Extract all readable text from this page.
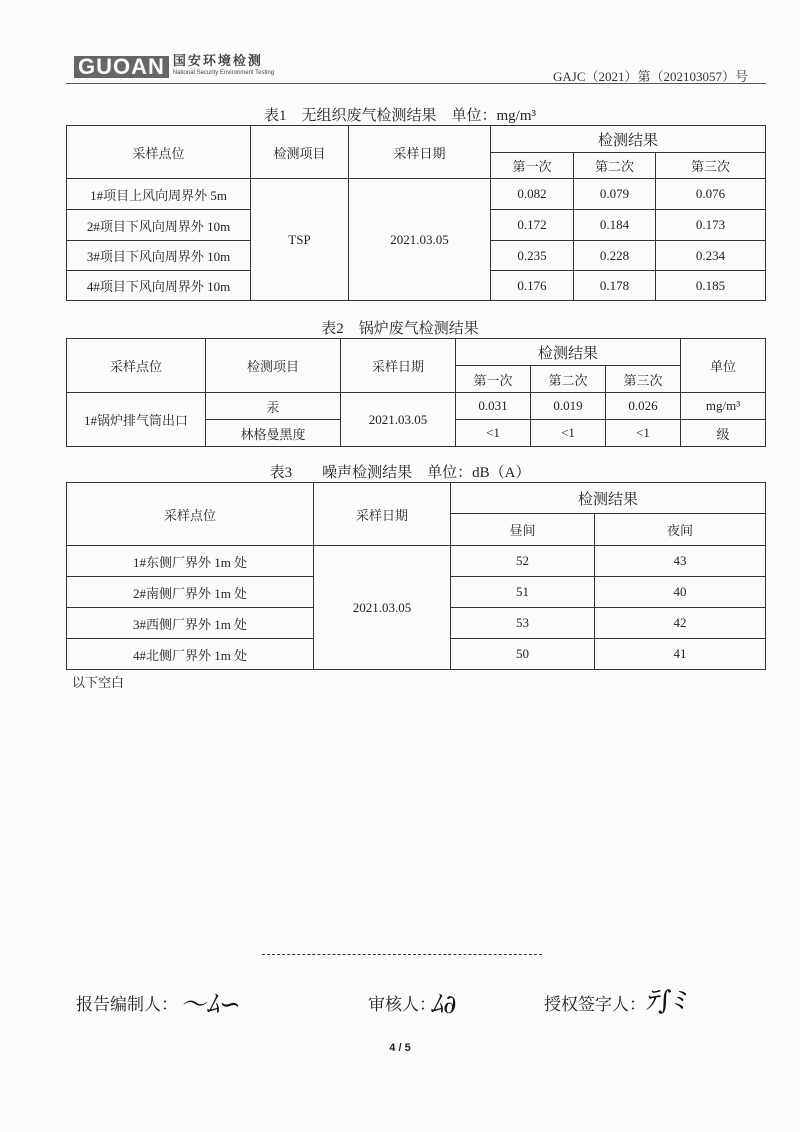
GUOAN 国安环境检测
National Security Environment Testing	GAJC（2021）第（202103057）号
表1　无组织废气检测结果　单位：mg/m³
采样点位	检测项目	采样日期	检测结果		
			第一次	第二次	第三次
1#项目上风向周界外 5m	TSP	2021.03.05	0.082	0.079	0.076
2#项目下风向周界外 10m			0.172	0.184	0.173
3#项目下风向周界外 10m			0.235	0.228	0.234
4#项目下风向周界外 10m			0.176	0.178	0.185
表2　锅炉废气检测结果
采样点位	检测项目	采样日期	检测结果			单位
			第一次	第二次	第三次	
1#锅炉排气筒出口	汞	2021.03.05	0.031	0.019	0.026	mg/m³
	林格曼黑度		<1	<1	<1	级
表3　　噪声检测结果　单位：dB（A）
采样点位	采样日期	检测结果	
		昼间	夜间
1#东侧厂界外 1m 处	2021.03.05	52	43
2#南侧厂界外 1m 处		51	40
3#西侧厂界外 1m 处		53	42
4#北侧厂界外 1m 处		50	41
以下空白
报告编制人： 〜ﾑ∽	审核人：
ﾑ∂	授权签字人： ﾃ∫ﾐ
4 / 5
